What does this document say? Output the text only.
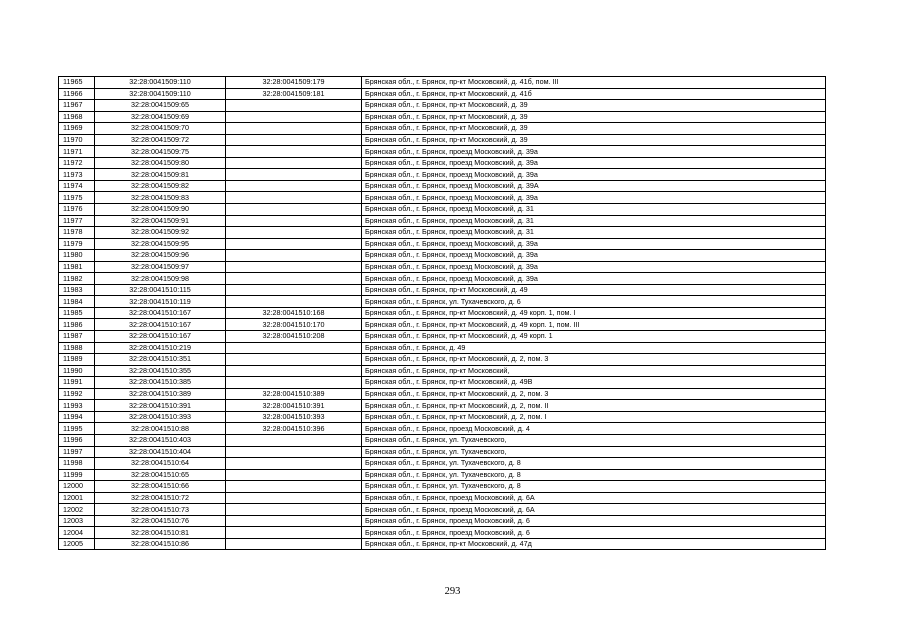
11965	32:28:0041509:110	32:28:0041509:179	Брянская обл., г. Брянск, пр-кт Московский, д. 41б, пом. III
11966	32:28:0041509:110	32:28:0041509:181	Брянская обл., г. Брянск, пр-кт Московский, д. 41б
11967	32:28:0041509:65		Брянская обл., г. Брянск, пр-кт Московский, д. 39
11968	32:28:0041509:69		Брянская обл., г. Брянск, пр-кт Московский, д. 39
11969	32:28:0041509:70		Брянская обл., г. Брянск, пр-кт Московский, д. 39
11970	32:28:0041509:72		Брянская обл., г. Брянск, пр-кт Московский, д. 39
11971	32:28:0041509:75		Брянская обл., г. Брянск, проезд Московский, д. 39а
11972	32:28:0041509:80		Брянская обл., г. Брянск, проезд Московский, д. 39а
11973	32:28:0041509:81		Брянская обл., г. Брянск, проезд Московский, д. 39а
11974	32:28:0041509:82		Брянская обл., г. Брянск, проезд Московский, д. 39А
11975	32:28:0041509:83		Брянская обл., г. Брянск, проезд Московский, д. 39а
11976	32:28:0041509:90		Брянская обл., г. Брянск, проезд Московский, д. 31
11977	32:28:0041509:91		Брянская обл., г. Брянск, проезд Московский, д. 31
11978	32:28:0041509:92		Брянская обл., г. Брянск, проезд Московский, д. 31
11979	32:28:0041509:95		Брянская обл., г. Брянск, проезд Московский, д. 39а
11980	32:28:0041509:96		Брянская обл., г. Брянск, проезд Московский, д. 39а
11981	32:28:0041509:97		Брянская обл., г. Брянск, проезд Московский, д. 39а
11982	32:28:0041509:98		Брянская обл., г. Брянск, проезд Московский, д. 39а
11983	32:28:0041510:115		Брянская обл., г. Брянск, пр-кт Московский, д. 49
11984	32:28:0041510:119		Брянская обл., г. Брянск, ул. Тухачевского, д. 6
11985	32:28:0041510:167	32:28:0041510:168	Брянская обл., г. Брянск, пр-кт Московский, д. 49 корп. 1, пом. I
11986	32:28:0041510:167	32:28:0041510:170	Брянская обл., г. Брянск, пр-кт Московский, д. 49 корп. 1, пом. III
11987	32:28:0041510:167	32:28:0041510:208	Брянская обл., г. Брянск, пр-кт Московский, д. 49 корп. 1
11988	32:28:0041510:219		Брянская обл., г. Брянск, д. 49
11989	32:28:0041510:351		Брянская обл., г. Брянск, пр-кт Московский, д. 2, пом. 3
11990	32:28:0041510:355		Брянская обл., г. Брянск, пр-кт Московский,
11991	32:28:0041510:385		Брянская обл., г. Брянск, пр-кт Московский, д. 49В
11992	32:28:0041510:389	32:28:0041510:389	Брянская обл., г. Брянск, пр-кт Московский, д. 2, пом. 3
11993	32:28:0041510:391	32:28:0041510:391	Брянская обл., г. Брянск, пр-кт Московский, д. 2, пом. II
11994	32:28:0041510:393	32:28:0041510:393	Брянская обл., г. Брянск, пр-кт Московский, д. 2, пом. I
11995	32:28:0041510:88	32:28:0041510:396	Брянская обл., г. Брянск, проезд Московский, д. 4
11996	32:28:0041510:403		Брянская обл., г. Брянск, ул. Тухачевского,
11997	32:28:0041510:404		Брянская обл., г. Брянск, ул. Тухачевского,
11998	32:28:0041510:64		Брянская обл., г. Брянск, ул. Тухачевского, д. 8
11999	32:28:0041510:65		Брянская обл., г. Брянск, ул. Тухачевского, д. 8
12000	32:28:0041510:66		Брянская обл., г. Брянск, ул. Тухачевского, д. 8
12001	32:28:0041510:72		Брянская обл., г. Брянск, проезд Московский, д. 6А
12002	32:28:0041510:73		Брянская обл., г. Брянск, проезд Московский, д. 6А
12003	32:28:0041510:76		Брянская обл., г. Брянск, проезд Московский, д. 6
12004	32:28:0041510:81		Брянская обл., г. Брянск, проезд Московский, д. 6
12005	32:28:0041510:86		Брянская обл., г. Брянск, пр-кт Московский, д. 47д
293
